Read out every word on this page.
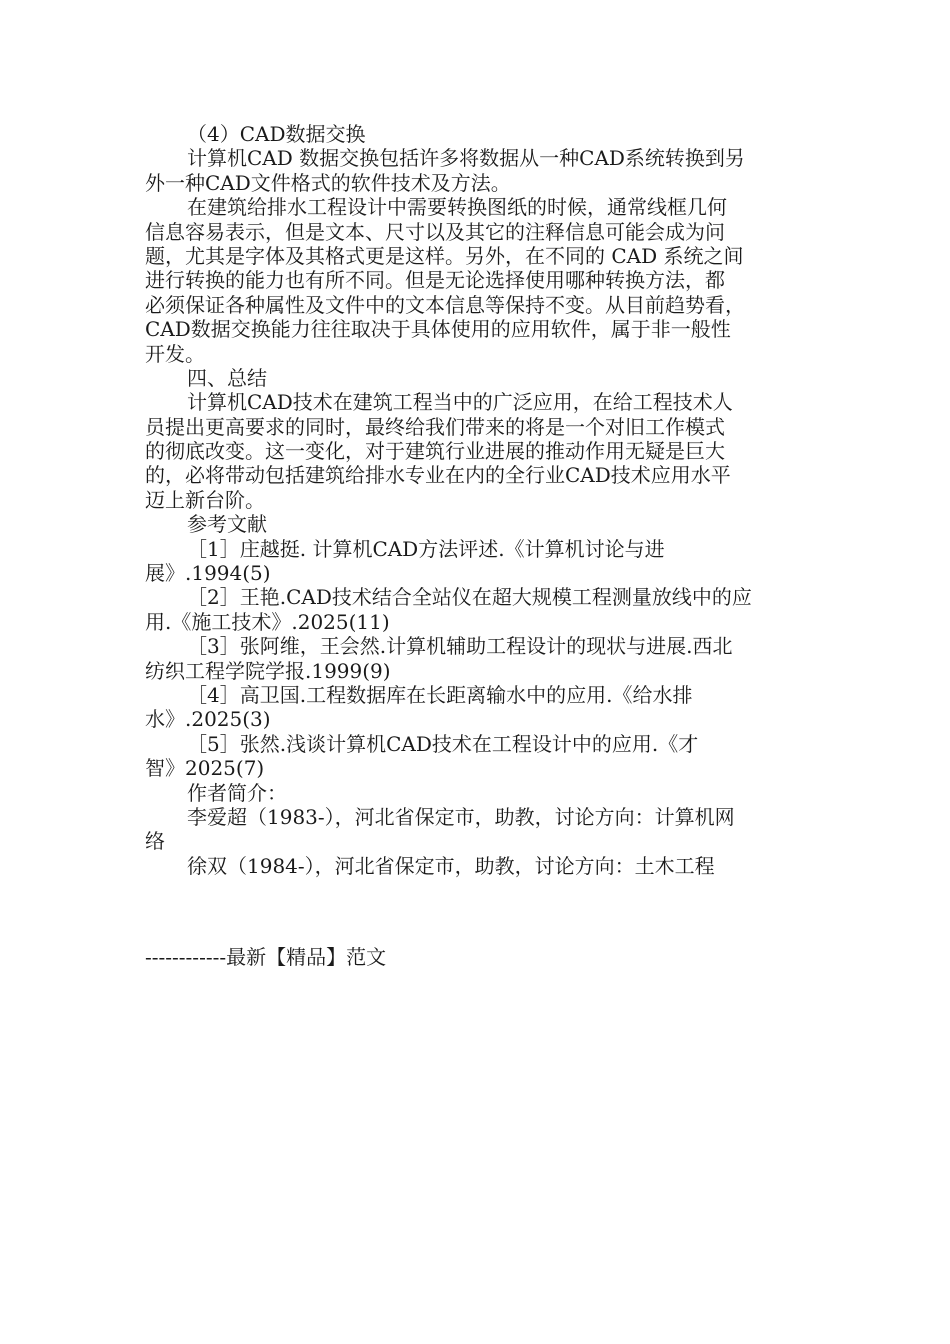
（4）CAD数据交换
计算机CAD 数据交换包括许多将数据从一种CAD系统转换到另
外一种CAD文件格式的软件技术及方法。
在建筑给排水工程设计中需要转换图纸的时候，通常线框几何
信息容易表示，但是文本、尺寸以及其它的注释信息可能会成为问
题，尤其是字体及其格式更是这样。另外，在不同的 CAD 系统之间
进行转换的能力也有所不同。但是无论选择使用哪种转换方法，都
必须保证各种属性及文件中的文本信息等保持不变。从目前趋势看，
CAD数据交换能力往往取决于具体使用的应用软件，属于非一般性
开发。
四、总结
计算机CAD技术在建筑工程当中的广泛应用，在给工程技术人
员提出更高要求的同时，最终给我们带来的将是一个对旧工作模式
的彻底改变。这一变化，对于建筑行业进展的推动作用无疑是巨大
的，必将带动包括建筑给排水专业在内的全行业CAD技术应用水平
迈上新台阶。
参考文献
［1］庄越挺. 计算机CAD方法评述.《计算机讨论与进
展》.1994(5)
［2］王艳.CAD技术结合全站仪在超大规模工程测量放线中的应
用.《施工技术》.2025(11)
［3］张阿维，王会然.计算机辅助工程设计的现状与进展.西北
纺织工程学院学报.1999(9)
［4］高卫国.工程数据库在长距离输水中的应用.《给水排
水》.2025(3)
［5］张然.浅谈计算机CAD技术在工程设计中的应用.《才
智》2025(7)
作者简介：
李爱超（1983-），河北省保定市，助教，讨论方向：计算机网
络
徐双（1984-），河北省保定市，助教，讨论方向：土木工程
------------最新【精品】范文
